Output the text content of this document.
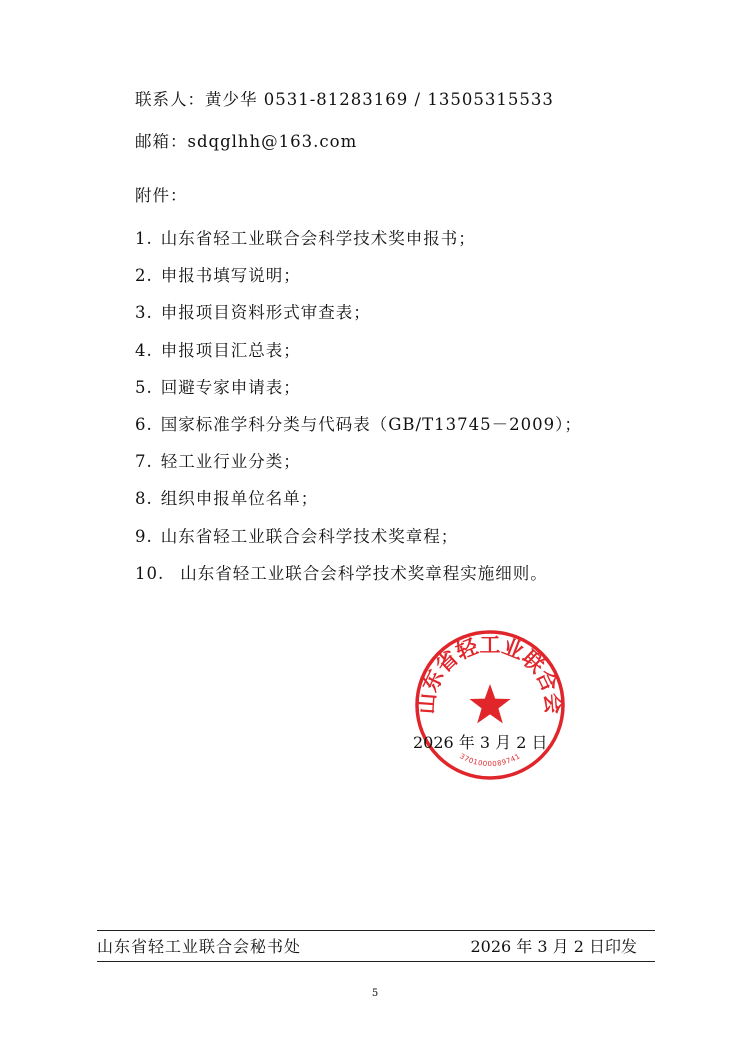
联系人：黄少华 0531-81283169 / 13505315533
邮箱：sdqglhh@163.com
附件：
1. 山东省轻工业联合会科学技术奖申报书；
2. 申报书填写说明；
3. 申报项目资料形式审查表；
4. 申报项目汇总表；
5. 回避专家申请表；
6. 国家标准学科分类与代码表（GB/T13745－2009）；
7. 轻工业行业分类；
8. 组织申报单位名单；
9. 山东省轻工业联合会科学技术奖章程；
10. 山东省轻工业联合会科学技术奖章程实施细则。
山东省轻工业联合会
3701000089741
2026 年 3 月 2 日
山东省轻工业联合会秘书处	2026 年 3 月 2 日印发
5
